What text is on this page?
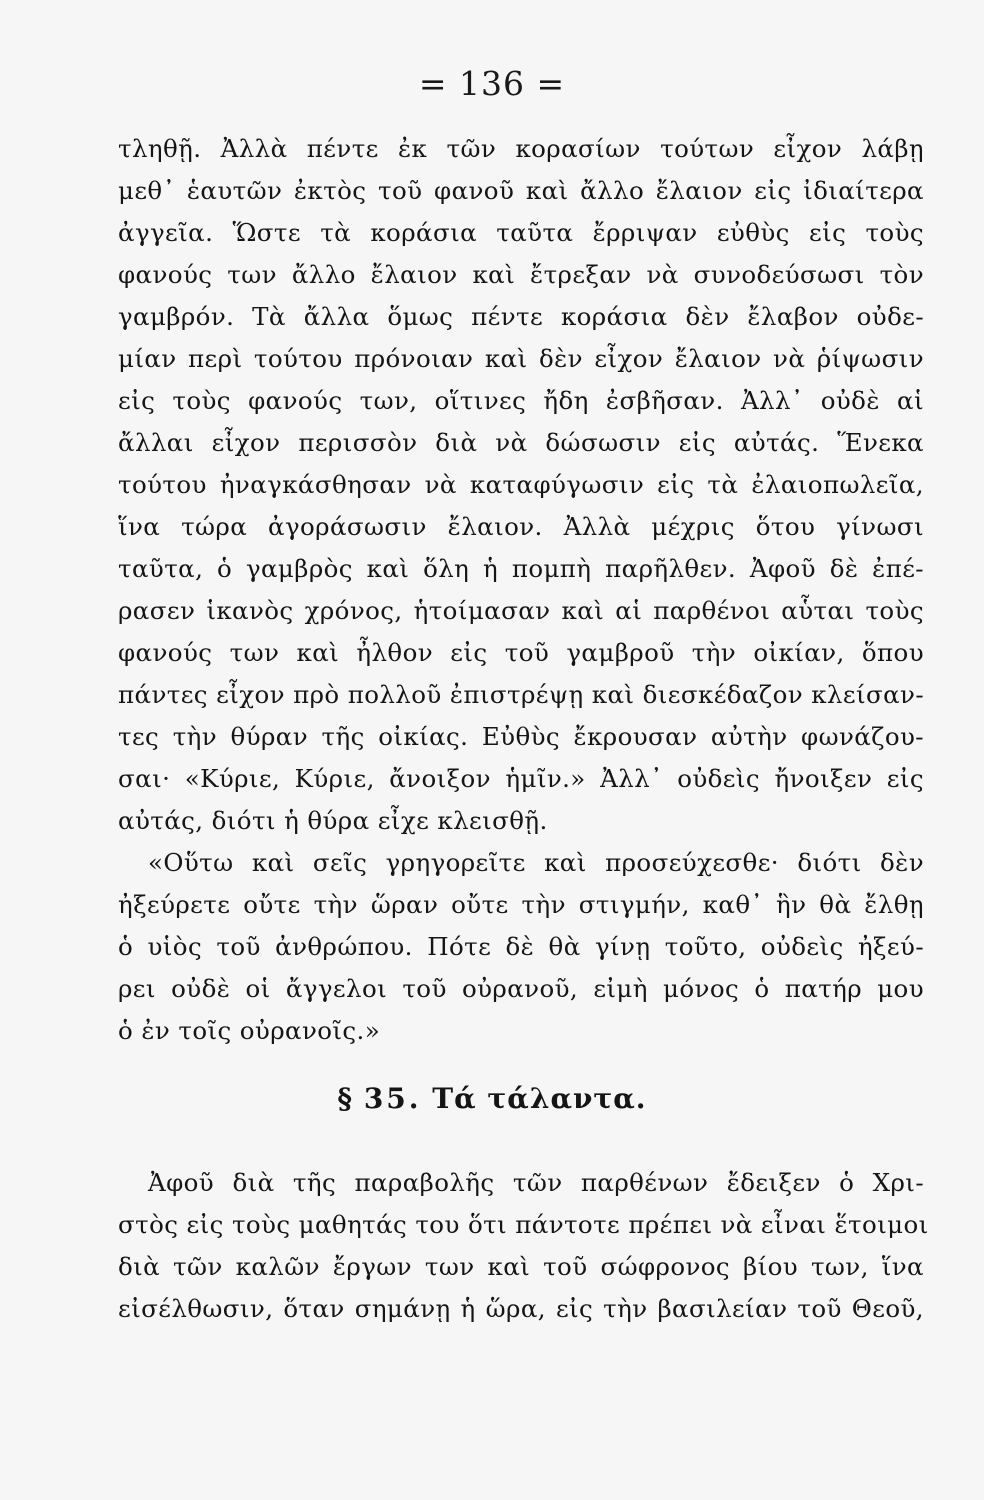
= 136 =
τληθῇ. Ἀλλὰ πέντε ἐκ τῶν κορασίων τούτων εἶχον λάβῃ
μεθ᾽ ἑαυτῶν ἐκτὸς τοῦ φανοῦ καὶ ἄλλο ἔλαιον εἰς ἰδιαίτερα
ἀγγεῖα. Ὥστε τὰ κοράσια ταῦτα ἔρριψαν εὐθὺς εἰς τοὺς
φανούς των ἄλλο ἔλαιον καὶ ἔτρεξαν νὰ συνοδεύσωσι τὸν
γαμβρόν. Τὰ ἄλλα ὅμως πέντε κοράσια δὲν ἔλαβον οὐδε-
μίαν περὶ τούτου πρόνοιαν καὶ δὲν εἶχον ἔλαιον νὰ ῥίψωσιν
εἰς τοὺς φανούς των, οἵτινες ἤδη ἐσβῆσαν. Ἀλλ᾽ οὐδὲ αἱ
ἄλλαι εἶχον περισσὸν διὰ νὰ δώσωσιν εἰς αὐτάς. Ἕνεκα
τούτου ἠναγκάσθησαν νὰ καταφύγωσιν εἰς τὰ ἐλαιοπωλεῖα,
ἵνα τώρα ἀγοράσωσιν ἔλαιον. Ἀλλὰ μέχρις ὅτου γίνωσι
ταῦτα, ὁ γαμβρὸς καὶ ὅλη ἡ πομπὴ παρῆλθεν. Ἀφοῦ δὲ ἐπέ-
ρασεν ἱκανὸς χρόνος, ἡτοίμασαν καὶ αἱ παρθένοι αὗται τοὺς
φανούς των καὶ ἦλθον εἰς τοῦ γαμβροῦ τὴν οἰκίαν, ὅπου
πάντες εἶχον πρὸ πολλοῦ ἐπιστρέψῃ καὶ διεσκέδαζον κλείσαν-
τες τὴν θύραν τῆς οἰκίας. Εὐθὺς ἔκρουσαν αὐτὴν φωνάζου-
σαι· «Κύριε, Κύριε, ἄνοιξον ἡμῖν.» Ἀλλ᾽ οὐδεὶς ἤνοιξεν εἰς
αὐτάς, διότι ἡ θύρα εἶχε κλεισθῇ.
«Οὕτω καὶ σεῖς γρηγορεῖτε καὶ προσεύχεσθε· διότι δὲν
ἠξεύρετε οὔτε τὴν ὥραν οὔτε τὴν στιγμήν, καθ᾽ ἣν θὰ ἔλθῃ
ὁ υἱὸς τοῦ ἀνθρώπου. Πότε δὲ θὰ γίνῃ τοῦτο, οὐδεὶς ἠξεύ-
ρει οὐδὲ οἱ ἄγγελοι τοῦ οὐρανοῦ, εἰμὴ μόνος ὁ πατήρ μου
ὁ ἐν τοῖς οὐρανοῖς.»
§ 35. Τά τάλαντα.
Ἀφοῦ διὰ τῆς παραβολῆς τῶν παρθένων ἔδειξεν ὁ Χρι-
στὸς εἰς τοὺς μαθητάς του ὅτι πάντοτε πρέπει νὰ εἶναι ἕτοιμοι
διὰ τῶν καλῶν ἔργων των καὶ τοῦ σώφρονος βίου των, ἵνα
εἰσέλθωσιν, ὅταν σημάνῃ ἡ ὥρα, εἰς τὴν βασιλείαν τοῦ Θεοῦ,
